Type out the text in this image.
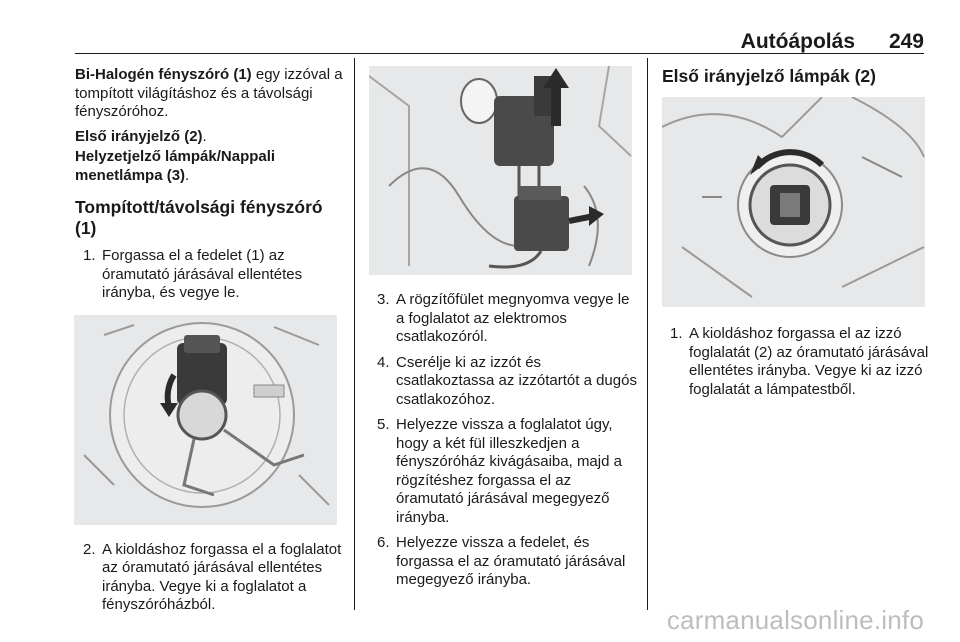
Autóápolás 249

Bi-Halogén fényszóró (1) egy izzóval a tompított világításhoz és a távolsági fényszóróhoz.

Első irányjelző (2).

Helyzetjelző lámpák/Nappali menetlámpa (3).

Tompított/távolsági fényszóró (1)
1. Forgassa el a fedelet (1) az óramutató járásával ellentétes irányba, és vegye le.
2. A kioldáshoz forgassa el a foglalatot az óramutató járásával ellentétes irányba. Vegye ki a foglalatot a fényszóróházból.
3. A rögzítőfület megnyomva vegye le a foglalatot az elektromos csatlakozóról.
4. Cserélje ki az izzót és csatlakoztassa az izzótartót a dugós csatlakozóhoz.
5. Helyezze vissza a foglalatot úgy, hogy a két fül illeszkedjen a fényszóróház kivágásaiba, majd a rögzítéshez forgassa el az óramutató járásával megegyező irányba.
6. Helyezze vissza a fedelet, és forgassa el az óramutató járásával megegyező irányba.
Első irányjelző lámpák (2)
1. A kioldáshoz forgassa el az izzó foglalatát (2) az óramutató járásával ellentétes irányba. Vegye ki az izzó foglalatát a lámpatestből.
carmanualsonline.info
